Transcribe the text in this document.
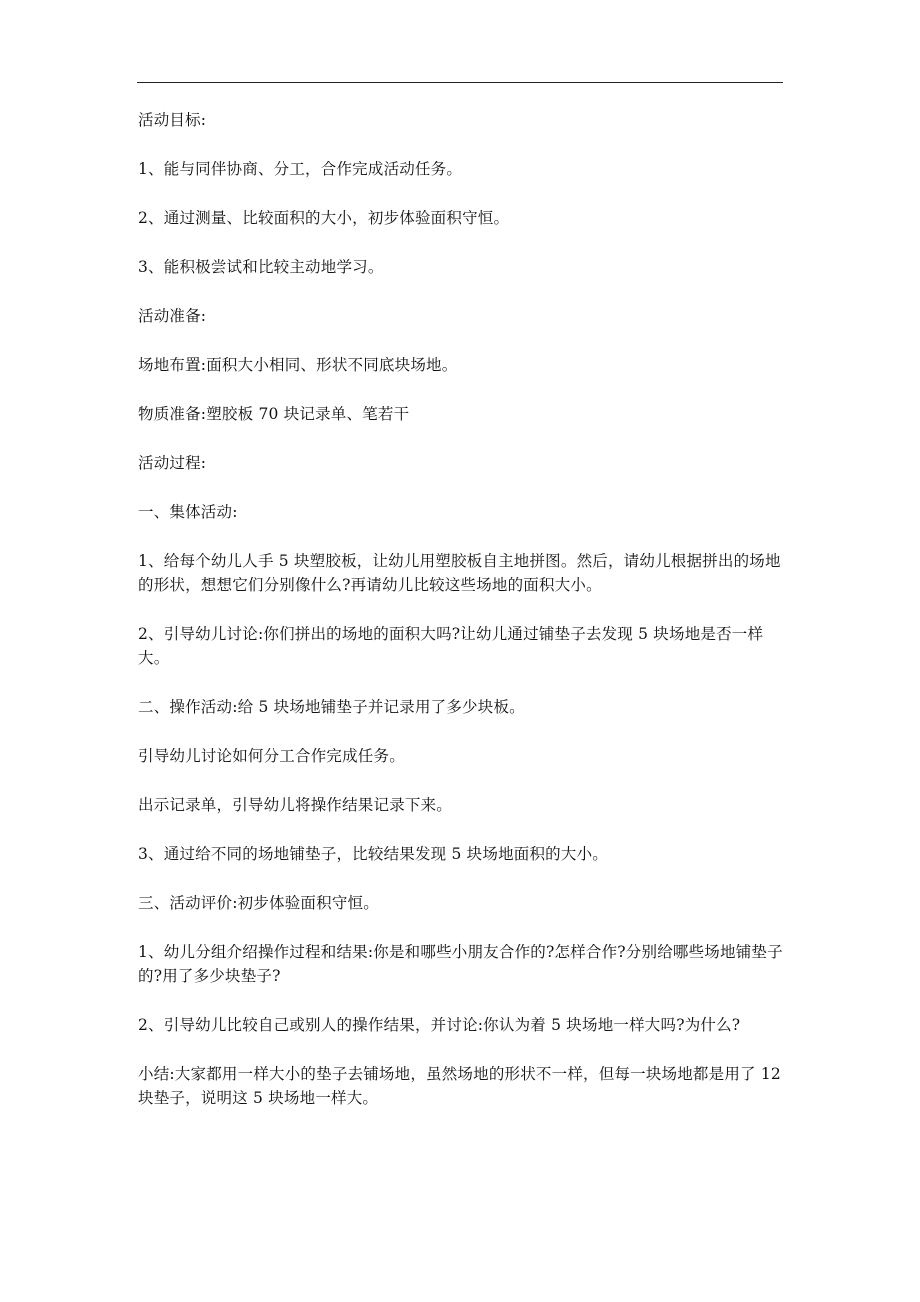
活动目标:

1、能与同伴协商、分工，合作完成活动任务。

2、通过测量、比较面积的大小，初步体验面积守恒。

3、能积极尝试和比较主动地学习。

活动准备:

场地布置:面积大小相同、形状不同底块场地。

物质准备:塑胶板 70 块记录单、笔若干

活动过程:

一、集体活动:

1、给每个幼儿人手 5 块塑胶板，让幼儿用塑胶板自主地拼图。然后，请幼儿根据拼出的场地的形状，想想它们分别像什么?再请幼儿比较这些场地的面积大小。

2、引导幼儿讨论:你们拼出的场地的面积大吗?让幼儿通过铺垫子去发现 5 块场地是否一样大。

二、操作活动:给 5 块场地铺垫子并记录用了多少块板。

引导幼儿讨论如何分工合作完成任务。

出示记录单，引导幼儿将操作结果记录下来。

3、通过给不同的场地铺垫子，比较结果发现 5 块场地面积的大小。

三、活动评价:初步体验面积守恒。

1、幼儿分组介绍操作过程和结果:你是和哪些小朋友合作的?怎样合作?分别给哪些场地铺垫子的?用了多少块垫子?

2、引导幼儿比较自己或别人的操作结果，并讨论:你认为着 5 块场地一样大吗?为什么?

小结:大家都用一样大小的垫子去铺场地，虽然场地的形状不一样，但每一块场地都是用了 12 块垫子，说明这 5 块场地一样大。
